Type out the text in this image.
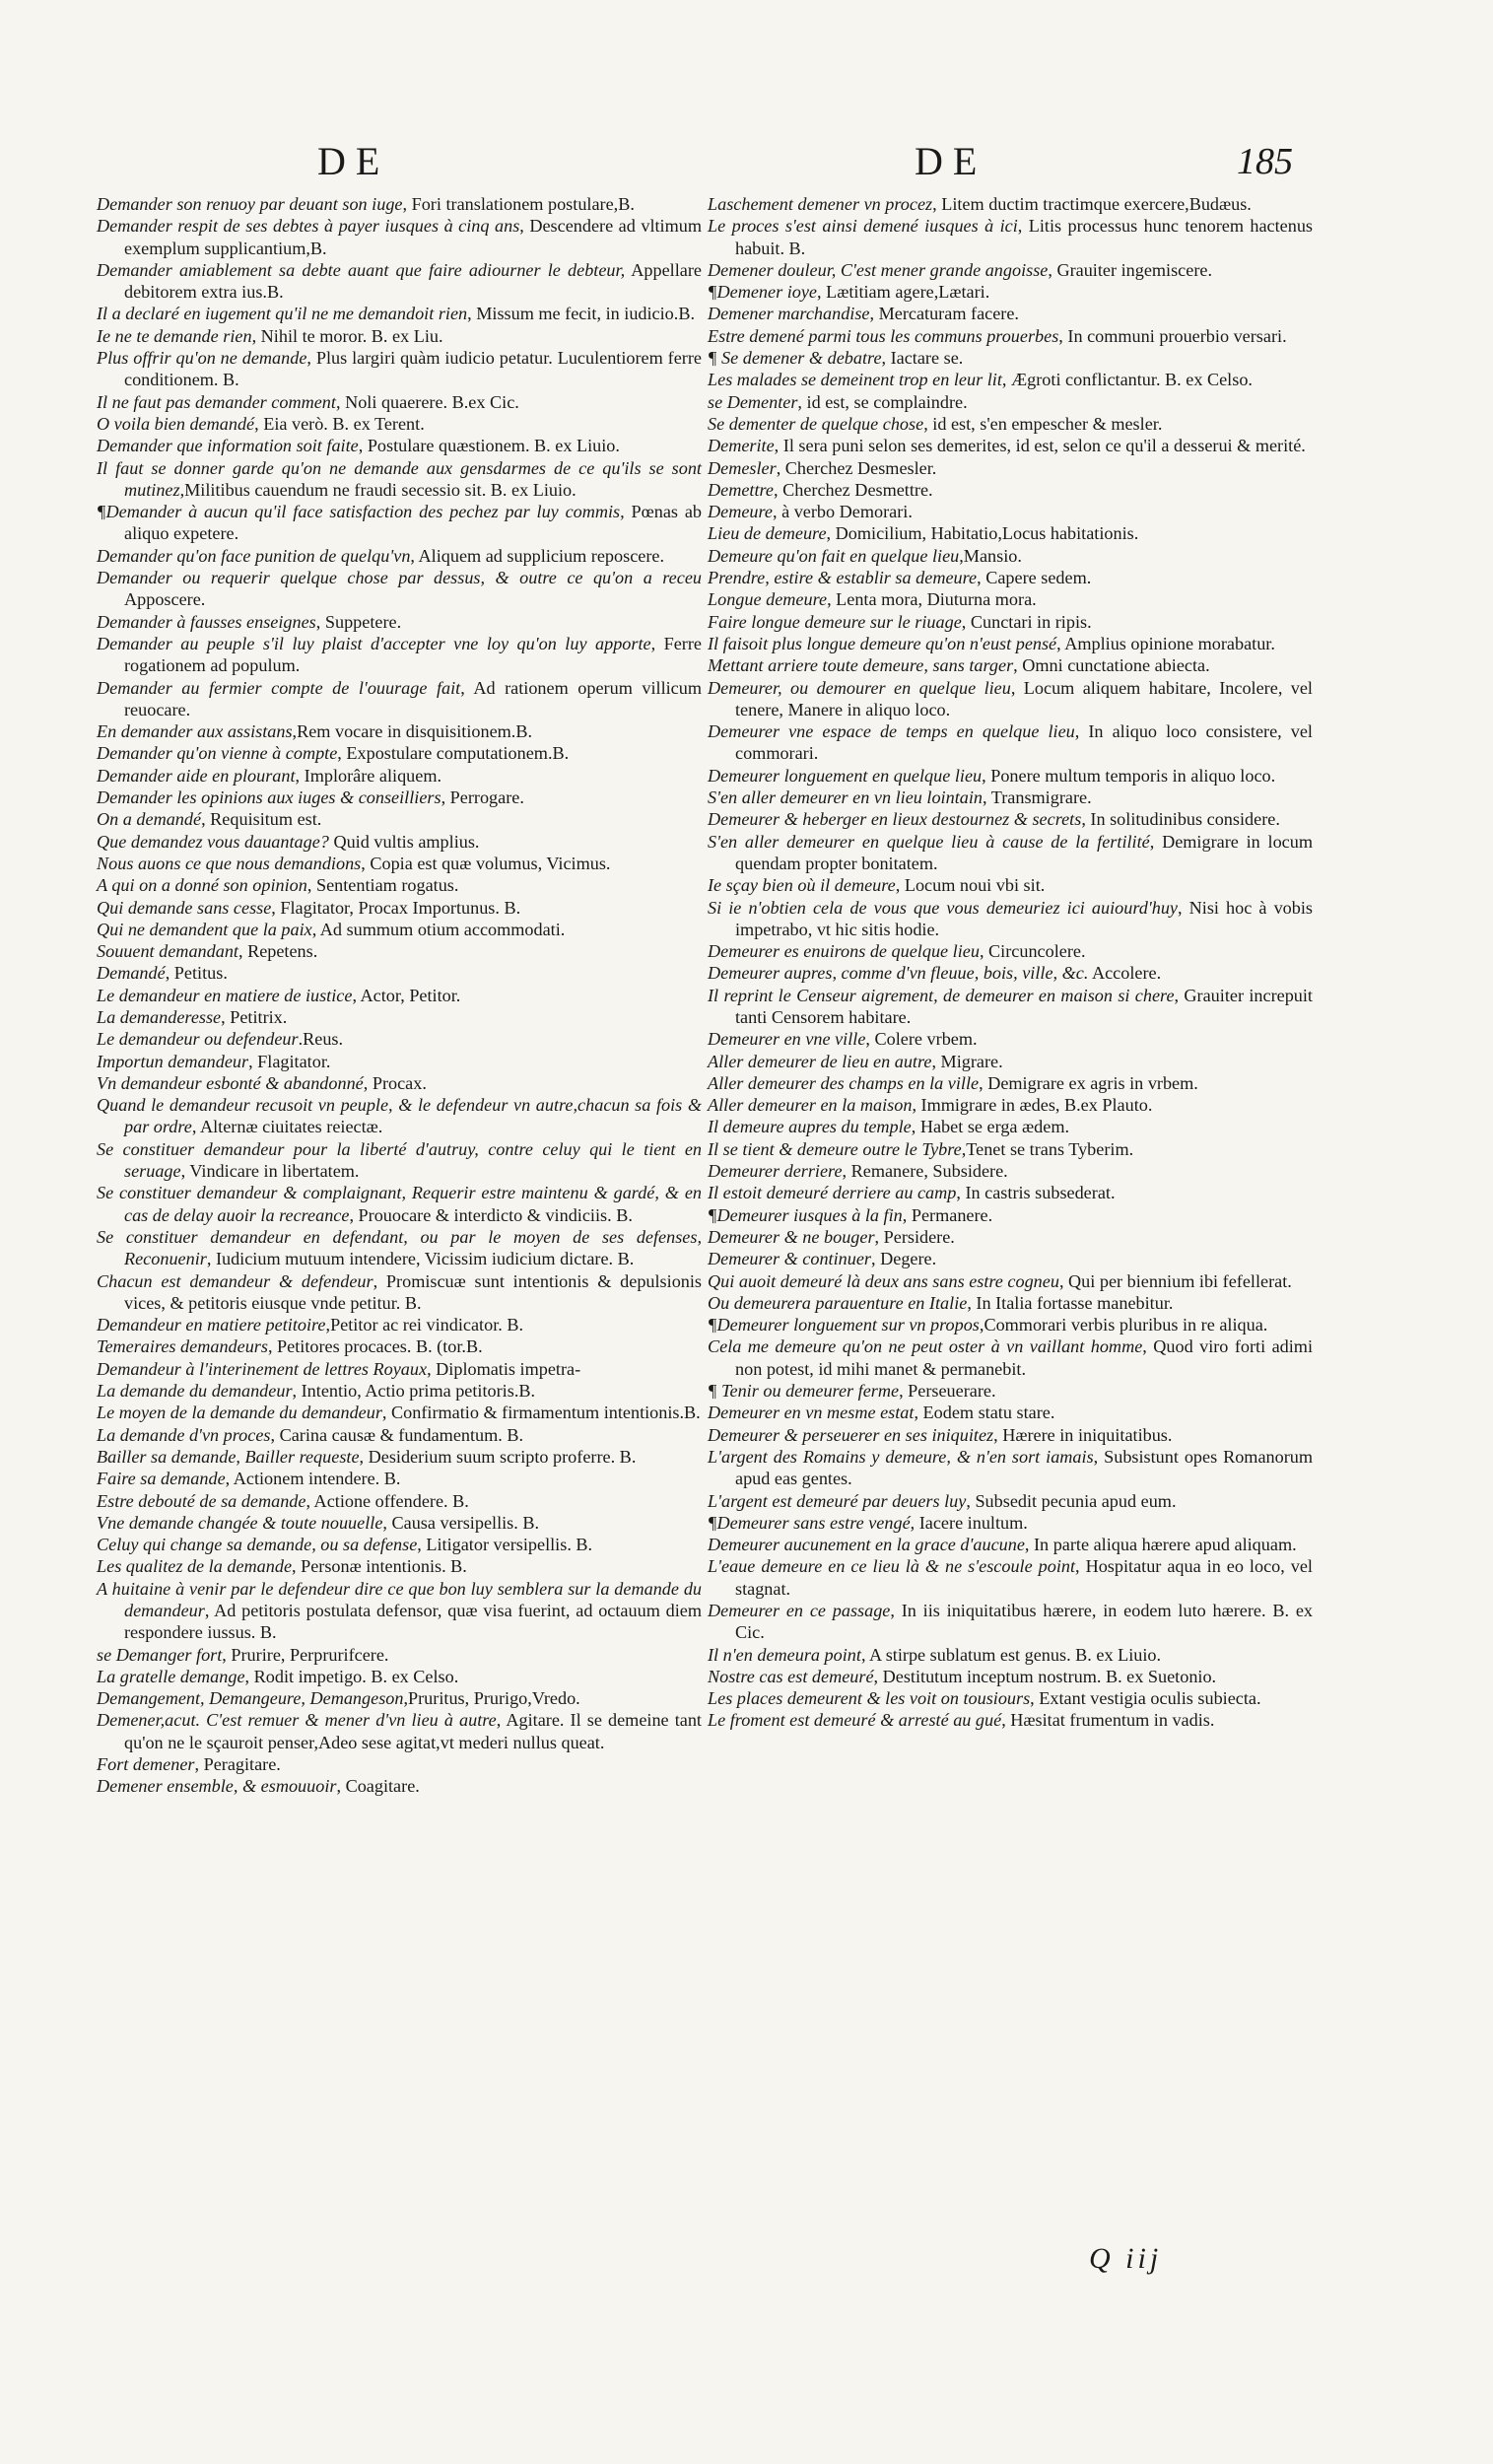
DE	DE	185

Demander son renuoy par deuant son iuge, Fori translationem postulare,B.

Demander respit de ses debtes à payer iusques à cinq ans, Descendere ad vltimum exemplum supplicantium,B.

Demander amiablement sa debte auant que faire adiourner le debteur, Appellare debitorem extra ius.B.

Il a declaré en iugement qu'il ne me demandoit rien, Missum me fecit, in iudicio.B.

Ie ne te demande rien, Nihil te moror. B. ex Liu.

Plus offrir qu'on ne demande, Plus largiri quàm iudicio petatur. Luculentiorem ferre conditionem. B.

Il ne faut pas demander comment, Noli quaerere. B.ex Cic.

O voila bien demandé, Eia verò. B. ex Terent.

Demander que information soit faite, Postulare quæstionem. B. ex Liuio.

Il faut se donner garde qu'on ne demande aux gensdarmes de ce qu'ils se sont mutinez,Militibus cauendum ne fraudi secessio sit. B. ex Liuio.

¶Demander à aucun qu'il face satisfaction des pechez par luy commis, Pœnas ab aliquo expetere.

Demander qu'on face punition de quelqu'vn, Aliquem ad supplicium reposcere.

Demander ou requerir quelque chose par dessus, & outre ce qu'on a receu Apposcere.

Demander à fausses enseignes, Suppetere.

Demander au peuple s'il luy plaist d'accepter vne loy qu'on luy apporte, Ferre rogationem ad populum.

Demander au fermier compte de l'ouurage fait, Ad rationem operum villicum reuocare.

En demander aux assistans,Rem vocare in disquisitionem.B.

Demander qu'on vienne à compte, Expostulare computationem.B.

Demander aide en plourant, Implorâre aliquem.

Demander les opinions aux iuges & conseilliers, Perrogare.

On a demandé, Requisitum est.

Que demandez vous dauantage? Quid vultis amplius.

Nous auons ce que nous demandions, Copia est quæ volumus, Vicimus.

A qui on a donné son opinion, Sententiam rogatus.

Qui demande sans cesse, Flagitator, Procax Importunus. B.

Qui ne demandent que la paix, Ad summum otium accommodati.

Souuent demandant, Repetens.

Demandé, Petitus.

Le demandeur en matiere de iustice, Actor, Petitor.

La demanderesse, Petitrix.

Le demandeur ou defendeur.Reus.

Importun demandeur, Flagitator.

Vn demandeur esbonté & abandonné, Procax.

Quand le demandeur recusoit vn peuple, & le defendeur vn autre,chacun sa fois & par ordre, Alternæ ciuitates reiectæ.

Se constituer demandeur pour la liberté d'autruy, contre celuy qui le tient en seruage, Vindicare in libertatem.

Se constituer demandeur & complaignant, Requerir estre maintenu & gardé, & en cas de delay auoir la recreance, Prouocare & interdicto & vindiciis. B.

Se constituer demandeur en defendant, ou par le moyen de ses defenses, Reconuenir, Iudicium mutuum intendere, Vicissim iudicium dictare. B.

Chacun est demandeur & defendeur, Promiscuæ sunt intentionis & depulsionis vices, & petitoris eiusque vnde petitur. B.

Demandeur en matiere petitoire,Petitor ac rei vindicator. B.

Temeraires demandeurs, Petitores procaces. B. (tor.B.

Demandeur à l'interinement de lettres Royaux, Diplomatis impetra-

La demande du demandeur, Intentio, Actio prima petitoris.B.

Le moyen de la demande du demandeur, Confirmatio & firmamentum intentionis.B.

La demande d'vn proces, Carina causæ & fundamentum. B.

Bailler sa demande, Bailler requeste, Desiderium suum scripto proferre. B.

Faire sa demande, Actionem intendere. B.

Estre debouté de sa demande, Actione offendere. B.

Vne demande changée & toute nouuelle, Causa versipellis. B.

Celuy qui change sa demande, ou sa defense, Litigator versipellis. B.

Les qualitez de la demande, Personæ intentionis. B.

A huitaine à venir par le defendeur dire ce que bon luy semblera sur la demande du demandeur, Ad petitoris postulata defensor, quæ visa fuerint, ad octauum diem respondere iussus. B.

se Demanger fort, Prurire, Perprurifcere.

La gratelle demange, Rodit impetigo. B. ex Celso.

Demangement, Demangeure, Demangeson,Pruritus, Prurigo,Vredo.

Demener,acut. C'est remuer & mener d'vn lieu à autre, Agitare. Il se demeine tant qu'on ne le sçauroit penser,Adeo sese agitat,vt mederi nullus queat.

Fort demener, Peragitare.

Demener ensemble, & esmouuoir, Coagitare.

Laschement demener vn procez, Litem ductim tractimque exercere,Budæus.

Le proces s'est ainsi demené iusques à ici, Litis processus hunc tenorem hactenus habuit. B.

Demener douleur, C'est mener grande angoisse, Grauiter ingemiscere.

¶Demener ioye, Lætitiam agere,Lætari.

Demener marchandise, Mercaturam facere.

Estre demené parmi tous les communs prouerbes, In communi prouerbio versari.

¶ Se demener & debatre, Iactare se.

Les malades se demeinent trop en leur lit, Ægroti conflictantur. B. ex Celso.

se Dementer, id est, se complaindre.

Se dementer de quelque chose, id est, s'en empescher & mesler.

Demerite, Il sera puni selon ses demerites, id est, selon ce qu'il a desserui & merité.

Demesler, Cherchez Desmesler.

Demettre, Cherchez Desmettre.

Demeure, à verbo Demorari.

Lieu de demeure, Domicilium, Habitatio,Locus habitationis.

Demeure qu'on fait en quelque lieu,Mansio.

Prendre, estire & establir sa demeure, Capere sedem.

Longue demeure, Lenta mora, Diuturna mora.

Faire longue demeure sur le riuage, Cunctari in ripis.

Il faisoit plus longue demeure qu'on n'eust pensé, Amplius opinione morabatur.

Mettant arriere toute demeure, sans targer, Omni cunctatione abiecta.

Demeurer, ou demourer en quelque lieu, Locum aliquem habitare, Incolere, vel tenere, Manere in aliquo loco.

Demeurer vne espace de temps en quelque lieu, In aliquo loco consistere, vel commorari.

Demeurer longuement en quelque lieu, Ponere multum temporis in aliquo loco.

S'en aller demeurer en vn lieu lointain, Transmigrare.

Demeurer & heberger en lieux destournez & secrets, In solitudinibus considere.

S'en aller demeurer en quelque lieu à cause de la fertilité, Demigrare in locum quendam propter bonitatem.

Ie sçay bien où il demeure, Locum noui vbi sit.

Si ie n'obtien cela de vous que vous demeuriez ici auiourd'huy, Nisi hoc à vobis impetrabo, vt hic sitis hodie.

Demeurer es enuirons de quelque lieu, Circuncolere.

Demeurer aupres, comme d'vn fleuue, bois, ville, &c. Accolere.

Il reprint le Censeur aigrement, de demeurer en maison si chere, Grauiter increpuit tanti Censorem habitare.

Demeurer en vne ville, Colere vrbem.

Aller demeurer de lieu en autre, Migrare.

Aller demeurer des champs en la ville, Demigrare ex agris in vrbem.

Aller demeurer en la maison, Immigrare in ædes, B.ex Plauto.

Il demeure aupres du temple, Habet se erga ædem.

Il se tient & demeure outre le Tybre,Tenet se trans Tyberim.

Demeurer derriere, Remanere, Subsidere.

Il estoit demeuré derriere au camp, In castris subsederat.

¶Demeurer iusques à la fin, Permanere.

Demeurer & ne bouger, Persidere.

Demeurer & continuer, Degere.

Qui auoit demeuré là deux ans sans estre cogneu, Qui per biennium ibi fefellerat.

Ou demeurera parauenture en Italie, In Italia fortasse manebitur.

¶Demeurer longuement sur vn propos,Commorari verbis pluribus in re aliqua.

Cela me demeure qu'on ne peut oster à vn vaillant homme, Quod viro forti adimi non potest, id mihi manet & permanebit.

¶ Tenir ou demeurer ferme, Perseuerare.

Demeurer en vn mesme estat, Eodem statu stare.

Demeurer & perseuerer en ses iniquitez, Hærere in iniquitatibus.

L'argent des Romains y demeure, & n'en sort iamais, Subsistunt opes Romanorum apud eas gentes.

L'argent est demeuré par deuers luy, Subsedit pecunia apud eum.

¶Demeurer sans estre vengé, Iacere inultum.

Demeurer aucunement en la grace d'aucune, In parte aliqua hærere apud aliquam.

L'eaue demeure en ce lieu là & ne s'escoule point, Hospitatur aqua in eo loco, vel stagnat.

Demeurer en ce passage, In iis iniquitatibus hærere, in eodem luto hærere. B. ex Cic.

Il n'en demeura point, A stirpe sublatum est genus. B. ex Liuio.

Nostre cas est demeuré, Destitutum inceptum nostrum. B. ex Suetonio.

Les places demeurent & les voit on tousiours, Extant vestigia oculis subiecta.

Le froment est demeuré & arresté au gué, Hæsitat frumentum in vadis.

Q iij
